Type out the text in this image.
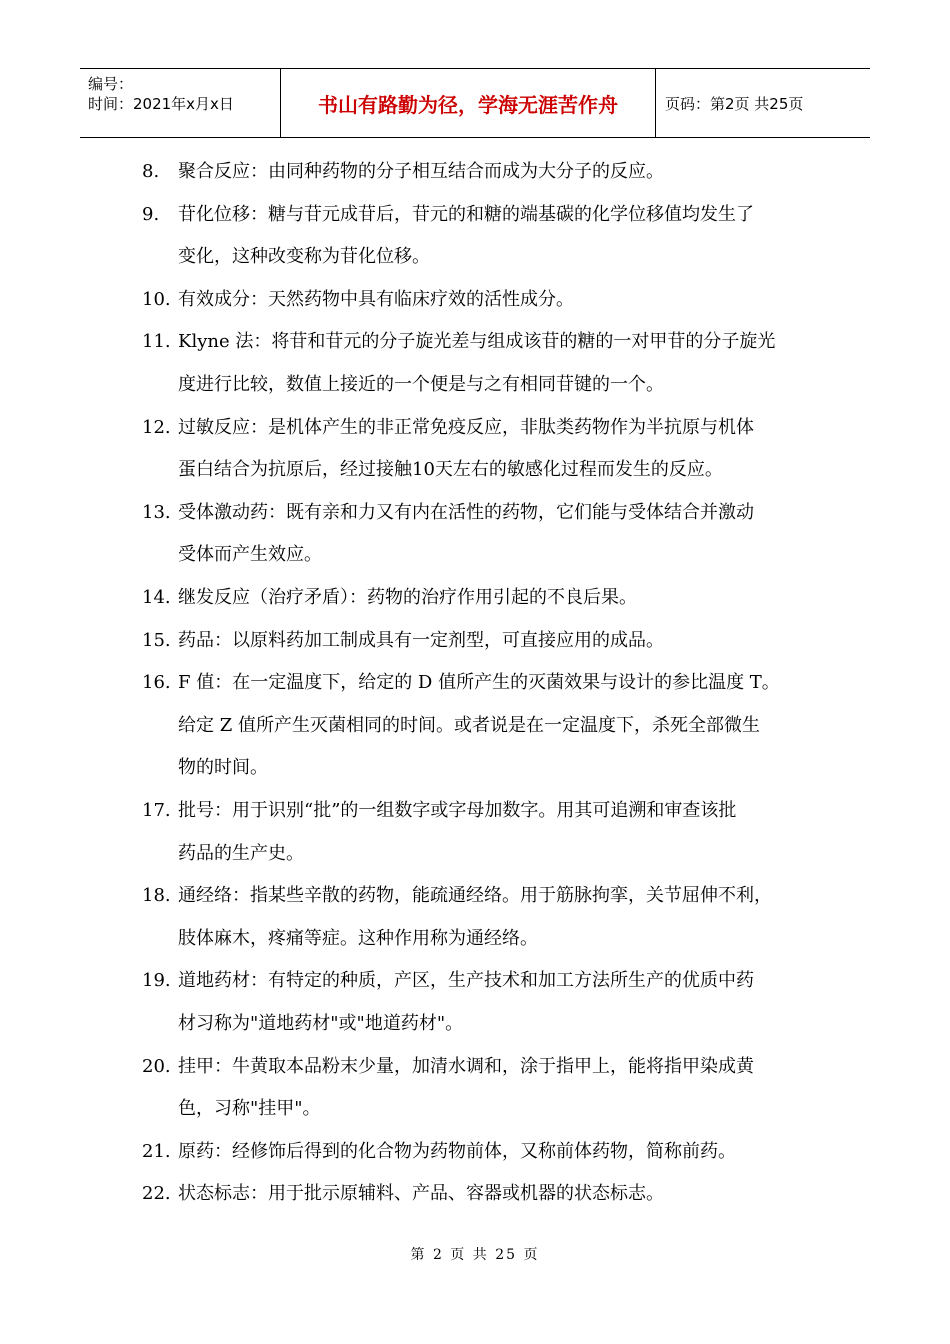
编号：
时间：2021年x月x日	书山有路勤为径，学海无涯苦作舟	页码：第2页 共25页
8. 聚合反应：由同种药物的分子相互结合而成为大分子的反应。
9. 苷化位移：糖与苷元成苷后，苷元的和糖的端基碳的化学位移值均发生了
变化，这种改变称为苷化位移。
10. 有效成分：天然药物中具有临床疗效的活性成分。
11. Klyne 法：将苷和苷元的分子旋光差与组成该苷的糖的一对甲苷的分子旋光
度进行比较，数值上接近的一个便是与之有相同苷键的一个。
12. 过敏反应：是机体产生的非正常免疫反应，非肽类药物作为半抗原与机体
蛋白结合为抗原后，经过接触10天左右的敏感化过程而发生的反应。
13. 受体激动药：既有亲和力又有内在活性的药物，它们能与受体结合并激动
受体而产生效应。
14. 继发反应（治疗矛盾）：药物的治疗作用引起的不良后果。
15. 药品：以原料药加工制成具有一定剂型，可直接应用的成品。
16. F 值：在一定温度下，给定的 D 值所产生的灭菌效果与设计的参比温度 T。
给定 Z 值所产生灭菌相同的时间。或者说是在一定温度下，杀死全部微生
物的时间。
17. 批号：用于识别“批”的一组数字或字母加数字。用其可追溯和审查该批
药品的生产史。
18. 通经络：指某些辛散的药物，能疏通经络。用于筋脉拘挛，关节屈伸不利，
肢体麻木，疼痛等症。这种作用称为通经络。
19. 道地药材：有特定的种质，产区，生产技术和加工方法所生产的优质中药
材习称为"道地药材"或"地道药材"。
20. 挂甲：牛黄取本品粉末少量，加清水调和，涂于指甲上，能将指甲染成黄
色，习称"挂甲"。
21. 原药：经修饰后得到的化合物为药物前体，又称前体药物，简称前药。
22. 状态标志：用于批示原辅料、产品、容器或机器的状态标志。
第 2 页 共 25 页
